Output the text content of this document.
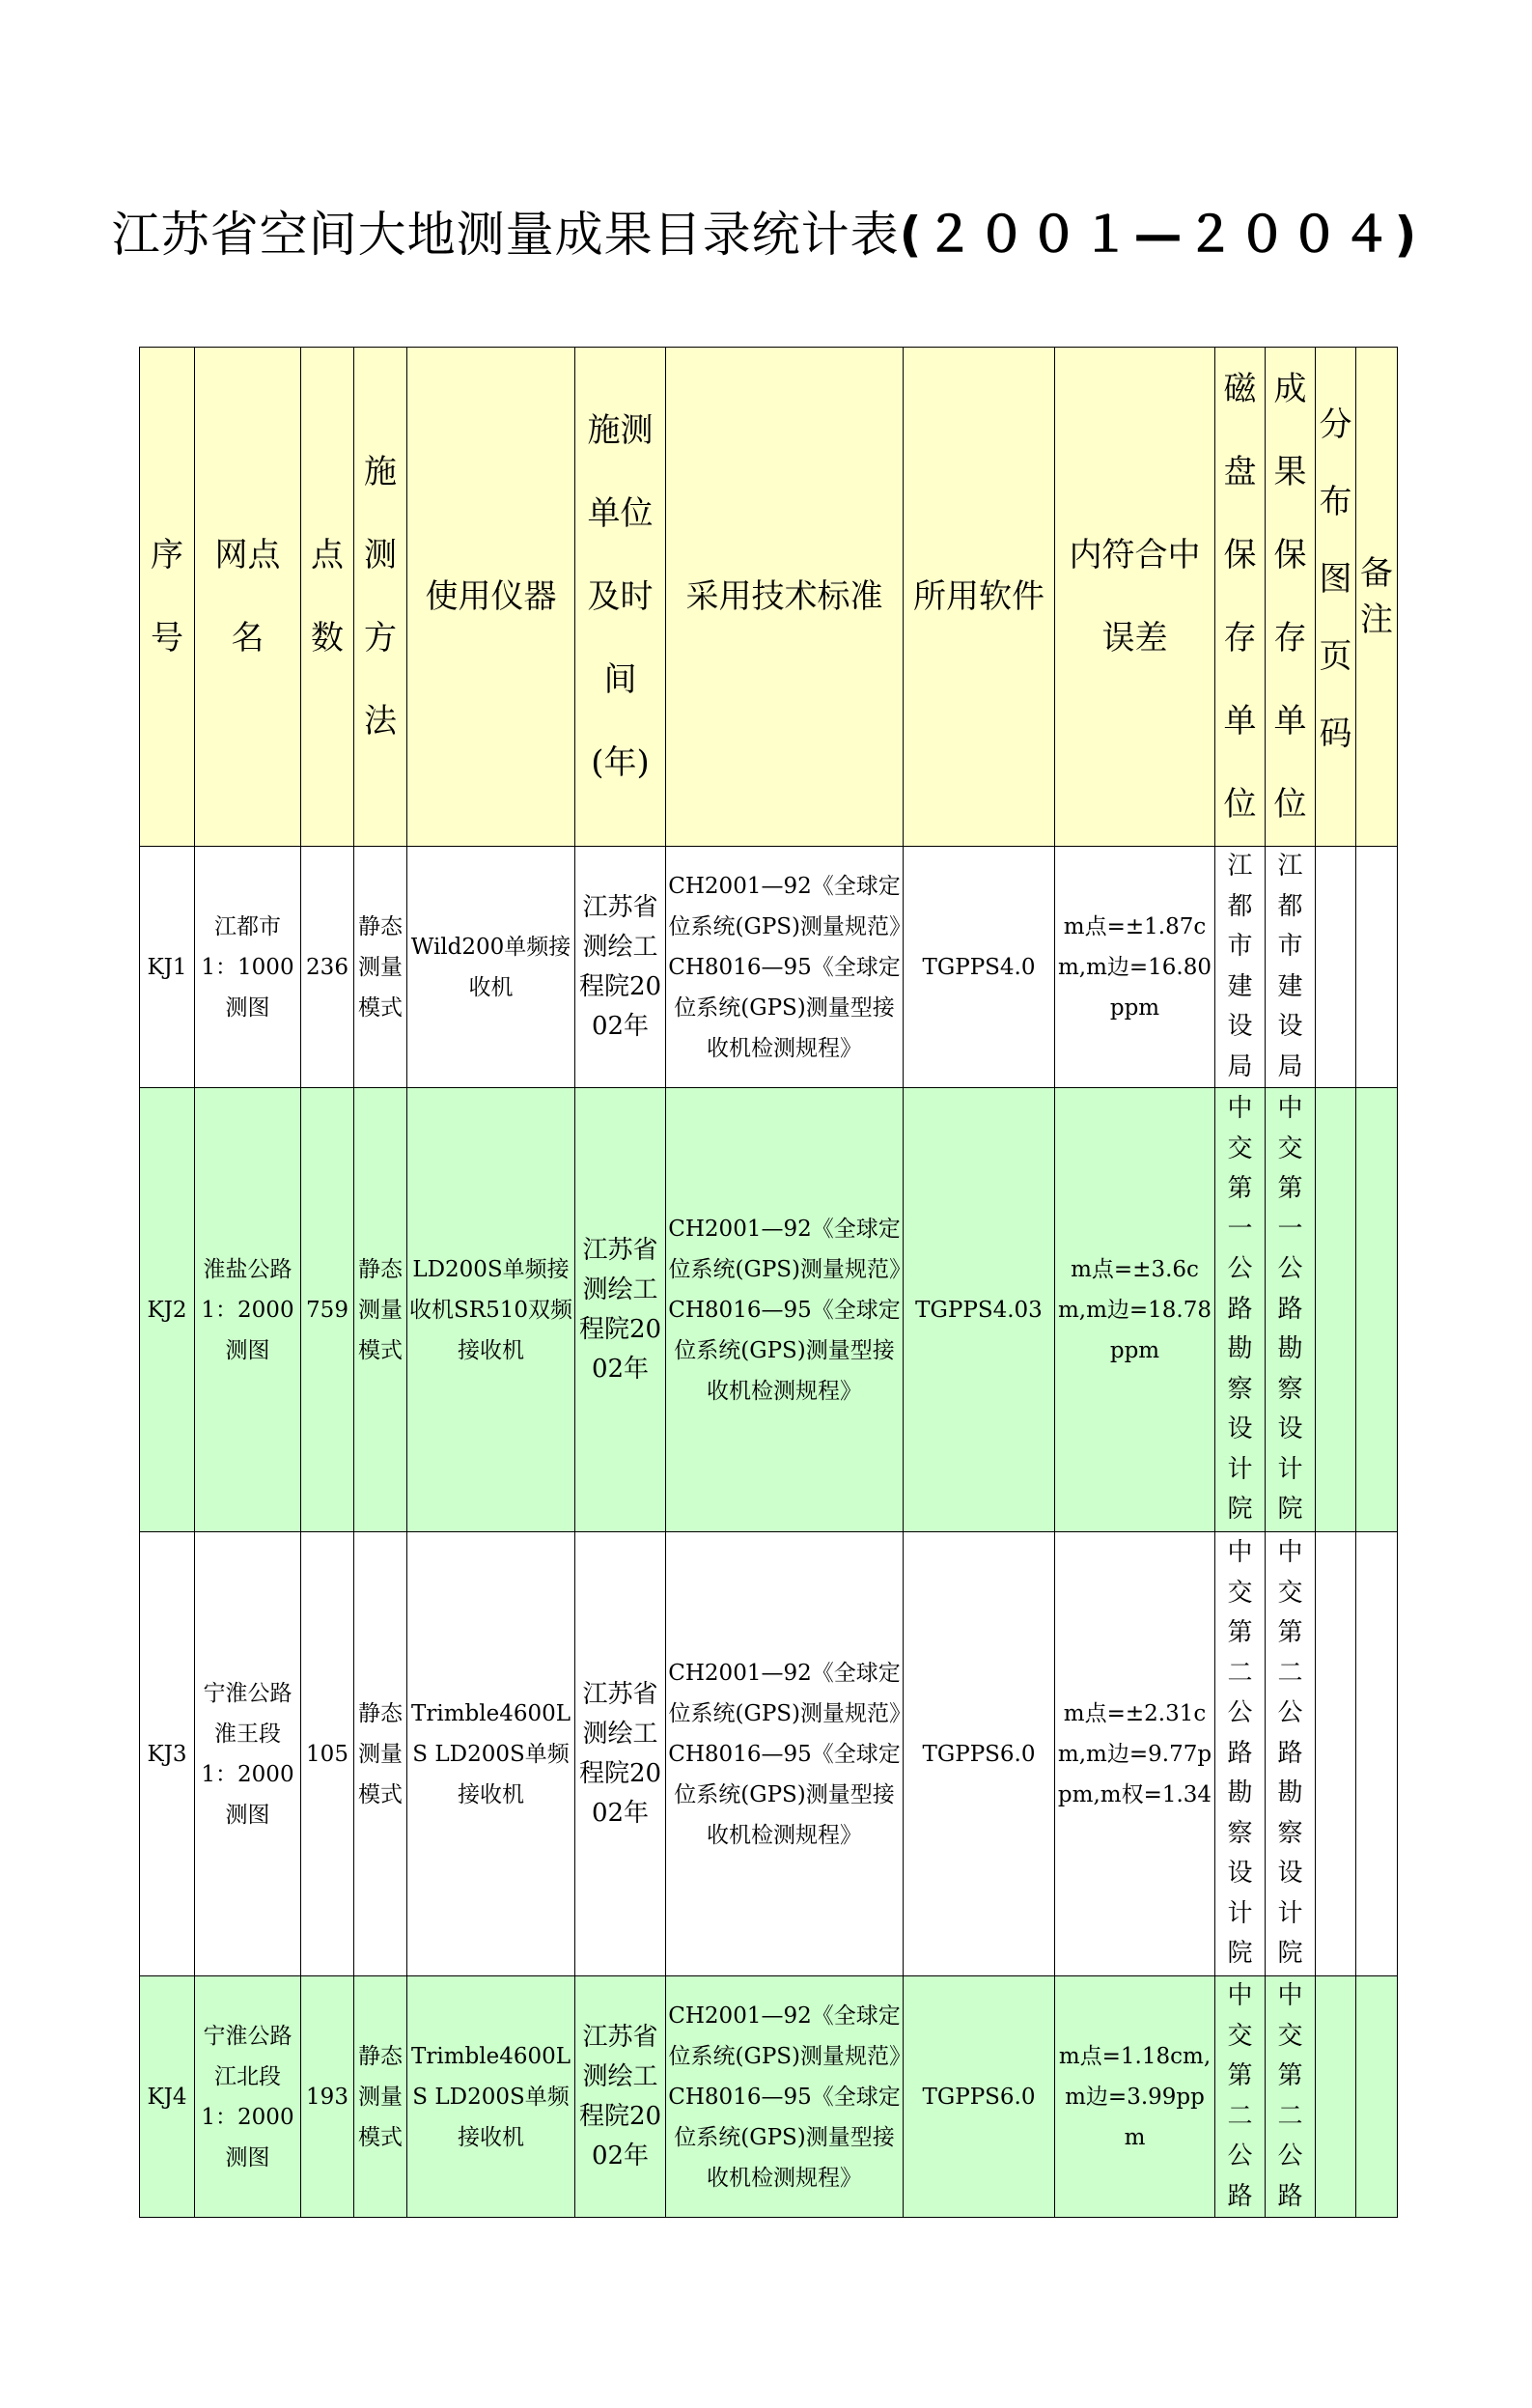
江苏省空间大地测量成果目录统计表(２００１—２００４)
序号	网点名	点数	施测方法	使用仪器	施测单位及时间(年)	采用技术标准	所用软件	内符合中误差	磁盘保存单位	成果保存单位	分布图页码	备注

KJ1	江都市1：1000测图	236	静态测量模式	Wild200单频接收机	江苏省测绘工程院2002年	CH2001—92《全球定位系统(GPS)测量规范》CH8016—95《全球定位系统(GPS)测量型接收机检测规程》	TGPPS4.0	m点=±1.87cm,m边=16.80ppm	江都市建设局	江都市建设局		

KJ2	淮盐公路1：2000测图	759	静态测量模式	LD200S单频接收机SR510双频接收机	江苏省测绘工程院2002年	CH2001—92《全球定位系统(GPS)测量规范》CH8016—95《全球定位系统(GPS)测量型接收机检测规程》	TGPPS4.03	m点=±3.6cm,m边=18.78ppm	中交第一公路勘察设计院	中交第一公路勘察设计院		

KJ3	宁淮公路淮王段1：2000测图	105	静态测量模式	Trimble4600LS LD200S单频接收机	江苏省测绘工程院2002年	CH2001—92《全球定位系统(GPS)测量规范》CH8016—95《全球定位系统(GPS)测量型接收机检测规程》	TGPPS6.0	m点=±2.31cm,m边=9.77ppm,m权=1.34	中交第二公路勘察设计院	中交第二公路勘察设计院		

KJ4	宁淮公路江北段1：2000测图	193	静态测量模式	Trimble4600LS LD200S单频接收机	江苏省测绘工程院2002年	CH2001—92《全球定位系统(GPS)测量规范》CH8016—95《全球定位系统(GPS)测量型接收机检测规程》	TGPPS6.0	m点=1.18cm,m边=3.99ppm	中交第二公路	中交第二公路		
